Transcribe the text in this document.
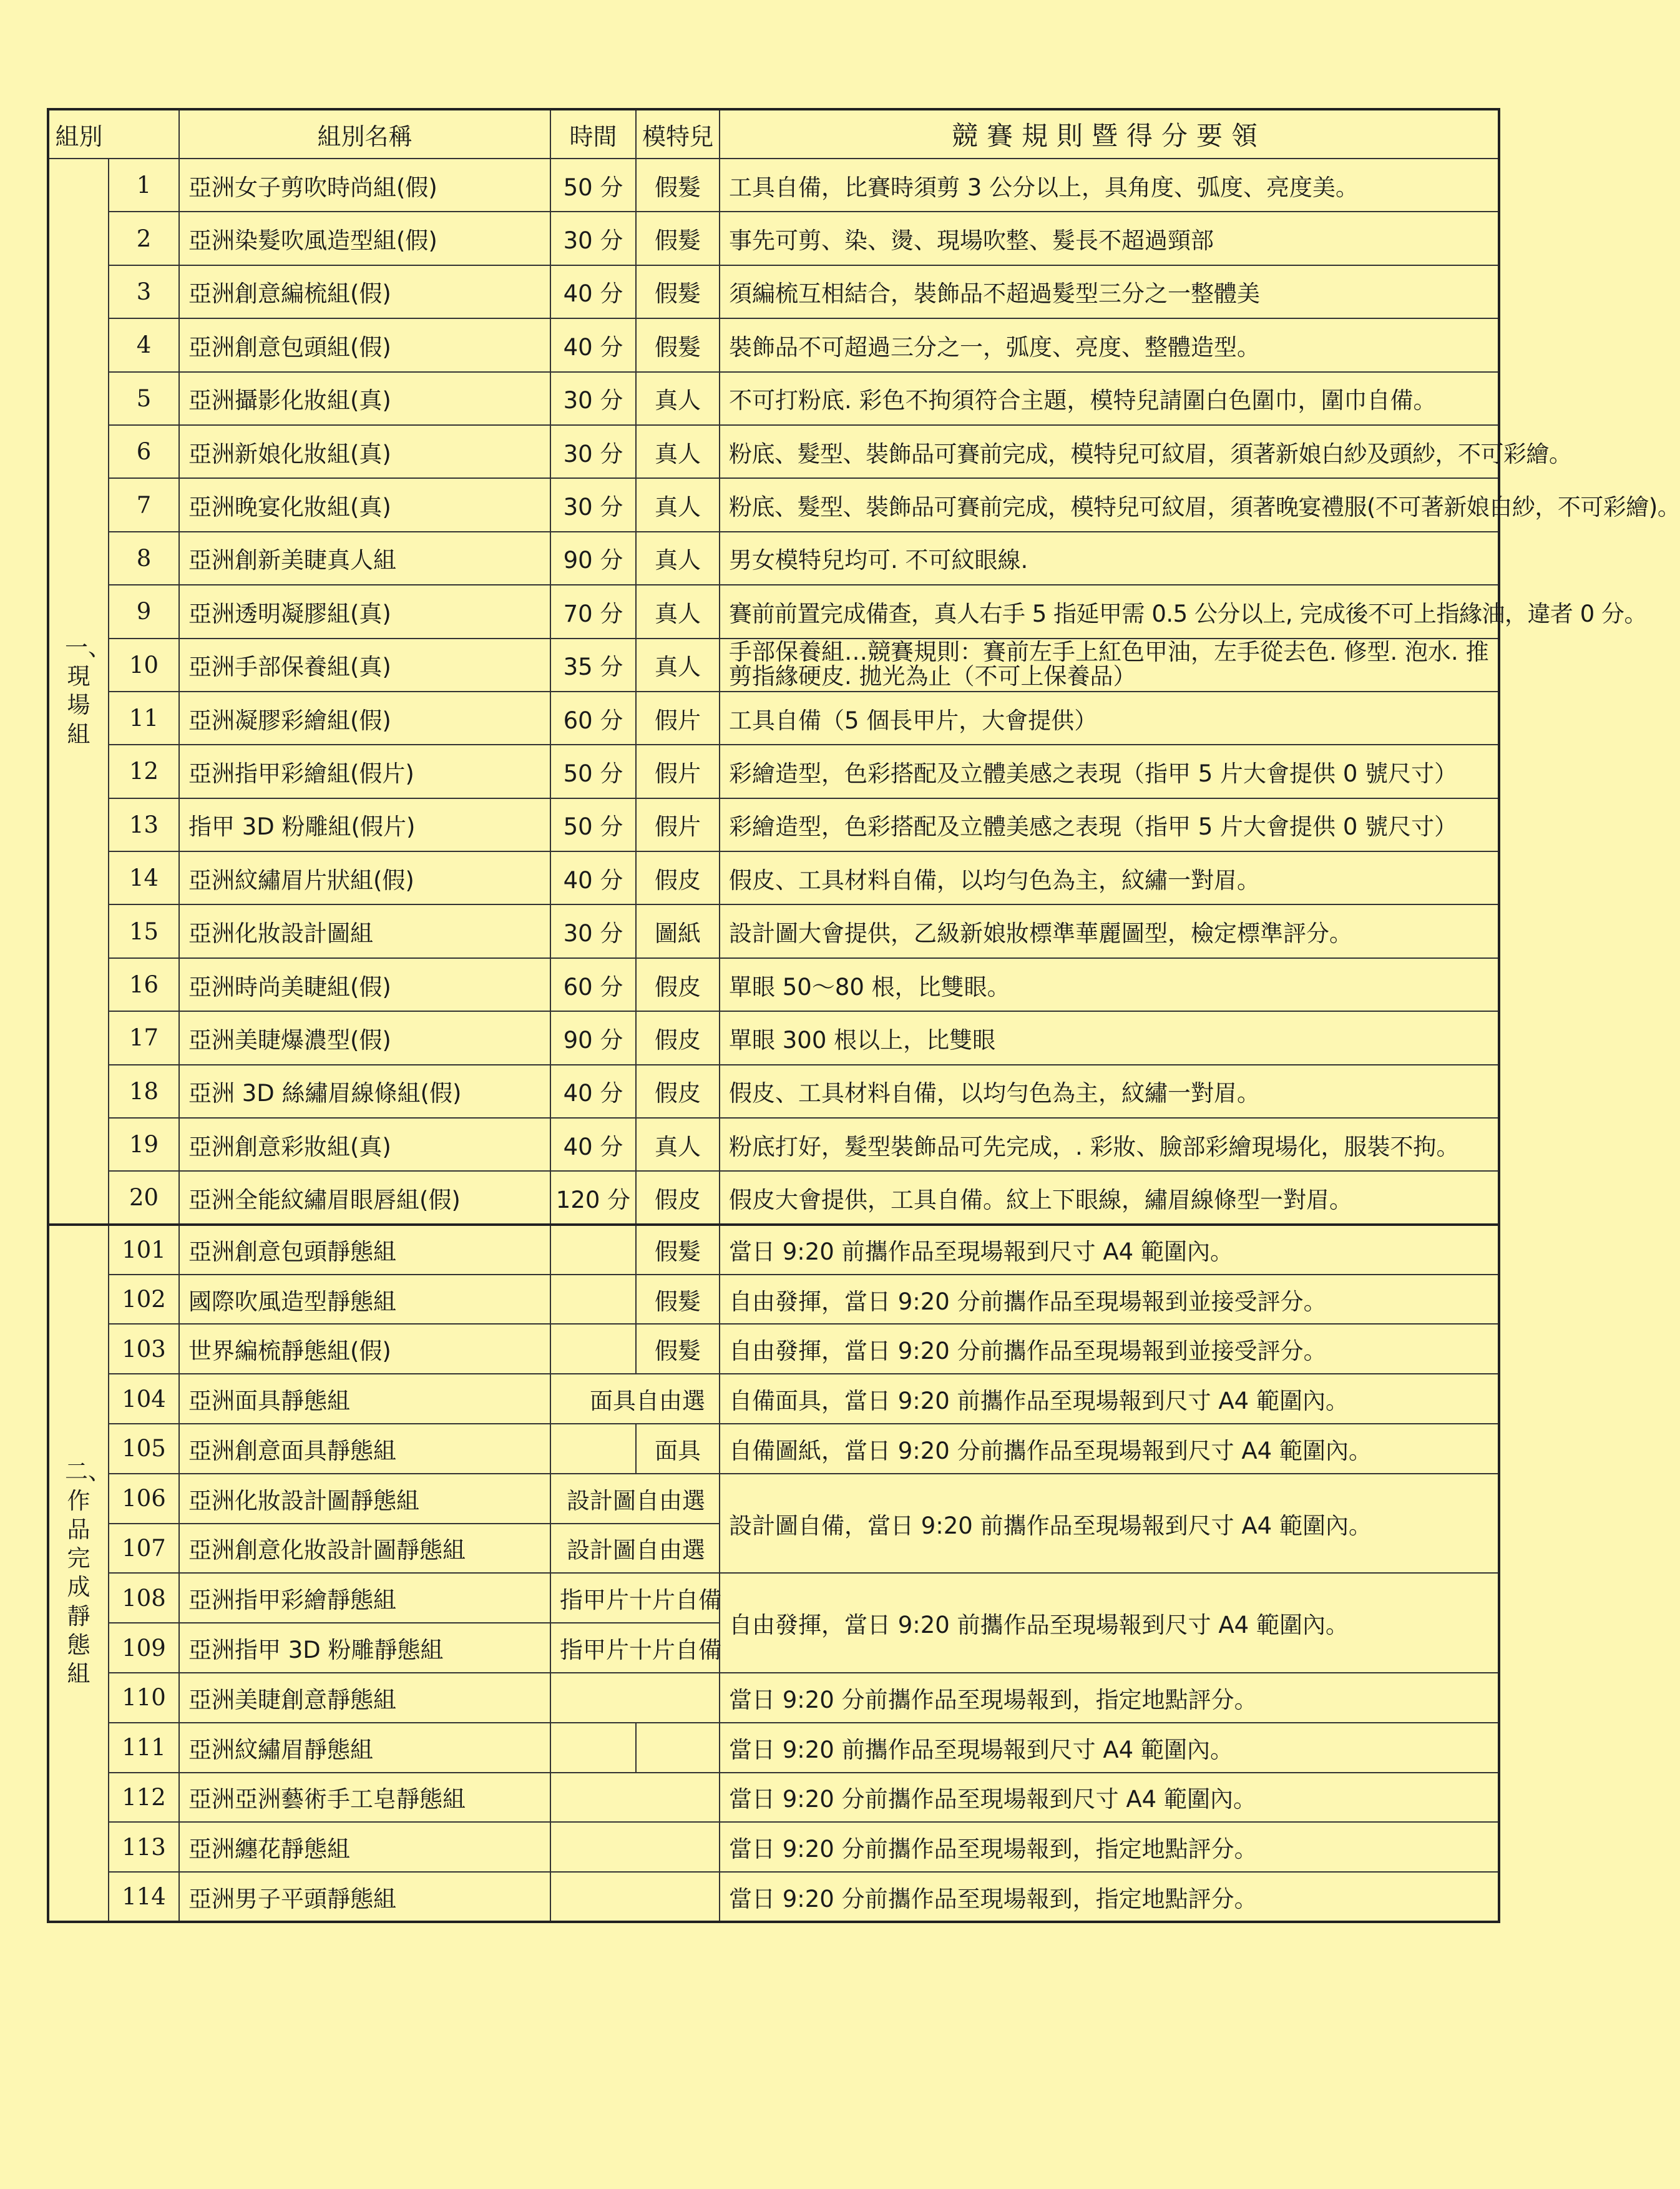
組別		組別名稱	時間	模特兒	競賽規則暨得分要領
一、現場組	1	亞洲女子剪吹時尚組(假)	50 分	假髮	工具自備，比賽時須剪 3 公分以上，具角度、弧度、亮度美。
	2	亞洲染髮吹風造型組(假)	30 分	假髮	事先可剪、染、燙、現場吹整、髮長不超過頸部
	3	亞洲創意編梳組(假)	40 分	假髮	須編梳互相結合，裝飾品不超過髮型三分之一整體美
	4	亞洲創意包頭組(假)	40 分	假髮	裝飾品不可超過三分之一，弧度、亮度、整體造型。
	5	亞洲攝影化妝組(真)	30 分	真人	不可打粉底. 彩色不拘須符合主題，模特兒請圍白色圍巾，圍巾自備。
	6	亞洲新娘化妝組(真)	30 分	真人	粉底、髮型、裝飾品可賽前完成，模特兒可紋眉，須著新娘白紗及頭紗，不可彩繪。
	7	亞洲晚宴化妝組(真)	30 分	真人	粉底、髮型、裝飾品可賽前完成，模特兒可紋眉，須著晚宴禮服(不可著新娘白紗，不可彩繪)。
	8	亞洲創新美睫真人組	90 分	真人	男女模特兒均可. 不可紋眼線.
	9	亞洲透明凝膠組(真)	70 分	真人	賽前前置完成備查，真人右手 5 指延甲需 0.5 公分以上, 完成後不可上指緣油，違者 0 分。
	10	亞洲手部保養組(真)	35 分	真人	手部保養組…競賽規則：賽前左手上紅色甲油，左手從去色. 修型. 泡水. 推剪指緣硬皮. 拋光為止（不可上保養品）
	11	亞洲凝膠彩繪組(假)	60 分	假片	工具自備（5 個長甲片，大會提供）
	12	亞洲指甲彩繪組(假片)	50 分	假片	彩繪造型，色彩搭配及立體美感之表現（指甲 5 片大會提供 0 號尺寸）
	13	指甲 3D 粉雕組(假片)	50 分	假片	彩繪造型，色彩搭配及立體美感之表現（指甲 5 片大會提供 0 號尺寸）
	14	亞洲紋繡眉片狀組(假)	40 分	假皮	假皮、工具材料自備，以均勻色為主，紋繡一對眉。
	15	亞洲化妝設計圖組	30 分	圖紙	設計圖大會提供，乙級新娘妝標準華麗圖型，檢定標準評分。
	16	亞洲時尚美睫組(假)	60 分	假皮	單眼 50～80 根，比雙眼。
	17	亞洲美睫爆濃型(假)	90 分	假皮	單眼 300 根以上，比雙眼
	18	亞洲 3D 絲繡眉線條組(假)	40 分	假皮	假皮、工具材料自備，以均勻色為主，紋繡一對眉。
	19	亞洲創意彩妝組(真)	40 分	真人	粉底打好，髮型裝飾品可先完成，. 彩妝、臉部彩繪現場化，服裝不拘。
	20	亞洲全能紋繡眉眼唇組(假)	120 分	假皮	假皮大會提供，工具自備。紋上下眼線，繡眉線條型一對眉。
二、作品完成靜態組	101	亞洲創意包頭靜態組		假髮	當日 9:20 前攜作品至現場報到尺寸 A4 範圍內。
	102	國際吹風造型靜態組		假髮	自由發揮，當日 9:20 分前攜作品至現場報到並接受評分。
	103	世界編梳靜態組(假)		假髮	自由發揮，當日 9:20 分前攜作品至現場報到並接受評分。
	104	亞洲面具靜態組	面具自由選		自備面具，當日 9:20 前攜作品至現場報到尺寸 A4 範圍內。
	105	亞洲創意面具靜態組		面具	自備圖紙，當日 9:20 分前攜作品至現場報到尺寸 A4 範圍內。
	106	亞洲化妝設計圖靜態組	設計圖自由選		設計圖自備，當日 9:20 前攜作品至現場報到尺寸 A4 範圍內。
	107	亞洲創意化妝設計圖靜態組	設計圖自由選		
	108	亞洲指甲彩繪靜態組	指甲片十片自備		自由發揮，當日 9:20 前攜作品至現場報到尺寸 A4 範圍內。
	109	亞洲指甲 3D 粉雕靜態組	指甲片十片自備		
	110	亞洲美睫創意靜態組			當日 9:20 分前攜作品至現場報到，指定地點評分。
	111	亞洲紋繡眉靜態組			當日 9:20 前攜作品至現場報到尺寸 A4 範圍內。
	112	亞洲亞洲藝術手工皂靜態組			當日 9:20 分前攜作品至現場報到尺寸 A4 範圍內。
	113	亞洲纏花靜態組			當日 9:20 分前攜作品至現場報到，指定地點評分。
	114	亞洲男子平頭靜態組			當日 9:20 分前攜作品至現場報到，指定地點評分。
